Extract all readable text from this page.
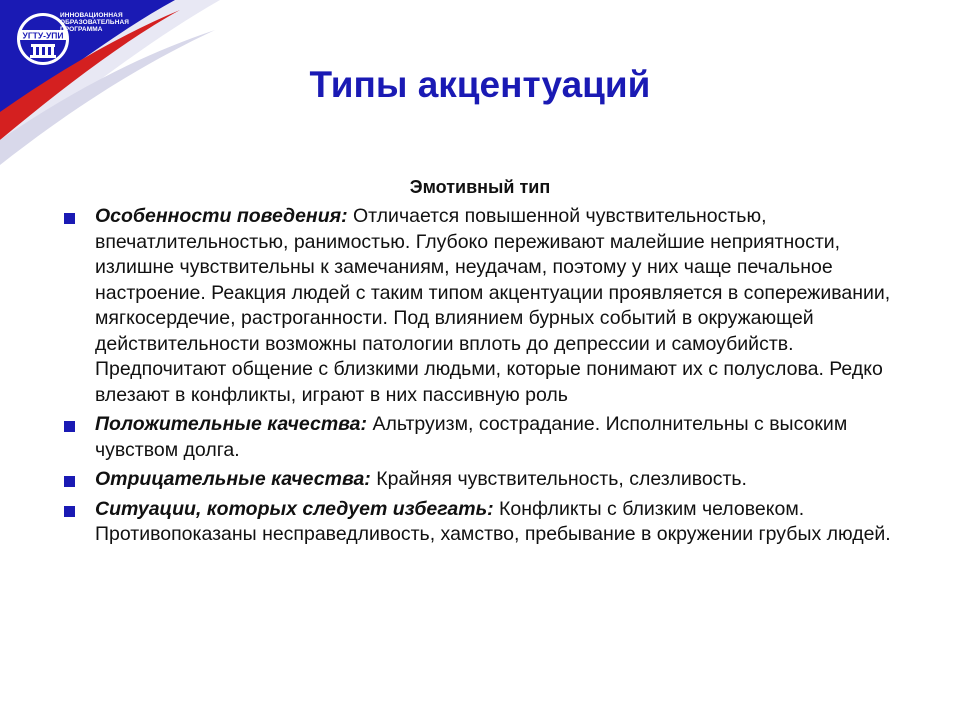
УГТУ-УПИ
ИННОВАЦИОННАЯ
ОБРАЗОВАТЕЛЬНАЯ
ПРОГРАММА
Типы акцентуаций
Эмотивный тип
Особенности поведения: Отличается повышенной чувствительностью, впечатлительностью, ранимостью. Глубоко переживают малейшие неприятности, излишне чувствительны к замечаниям, неудачам, поэтому у них чаще печальное настроение. Реакция людей с таким типом акцентуации проявляется в сопереживании, мягкосердечие, растроганности. Под влиянием бурных событий в окружающей действительности возможны патологии вплоть до депрессии и самоубийств. Предпочитают общение с близкими людьми, которые понимают их с полуслова. Редко влезают в конфликты, играют в них пассивную роль
Положительные качества: Альтруизм, сострадание. Исполнительны с высоким чувством долга.
Отрицательные качества: Крайняя чувствительность, слезливость.
Ситуации, которых следует избегать: Конфликты с близким человеком. Противопоказаны несправедливость, хамство, пребывание в окружении грубых людей.
